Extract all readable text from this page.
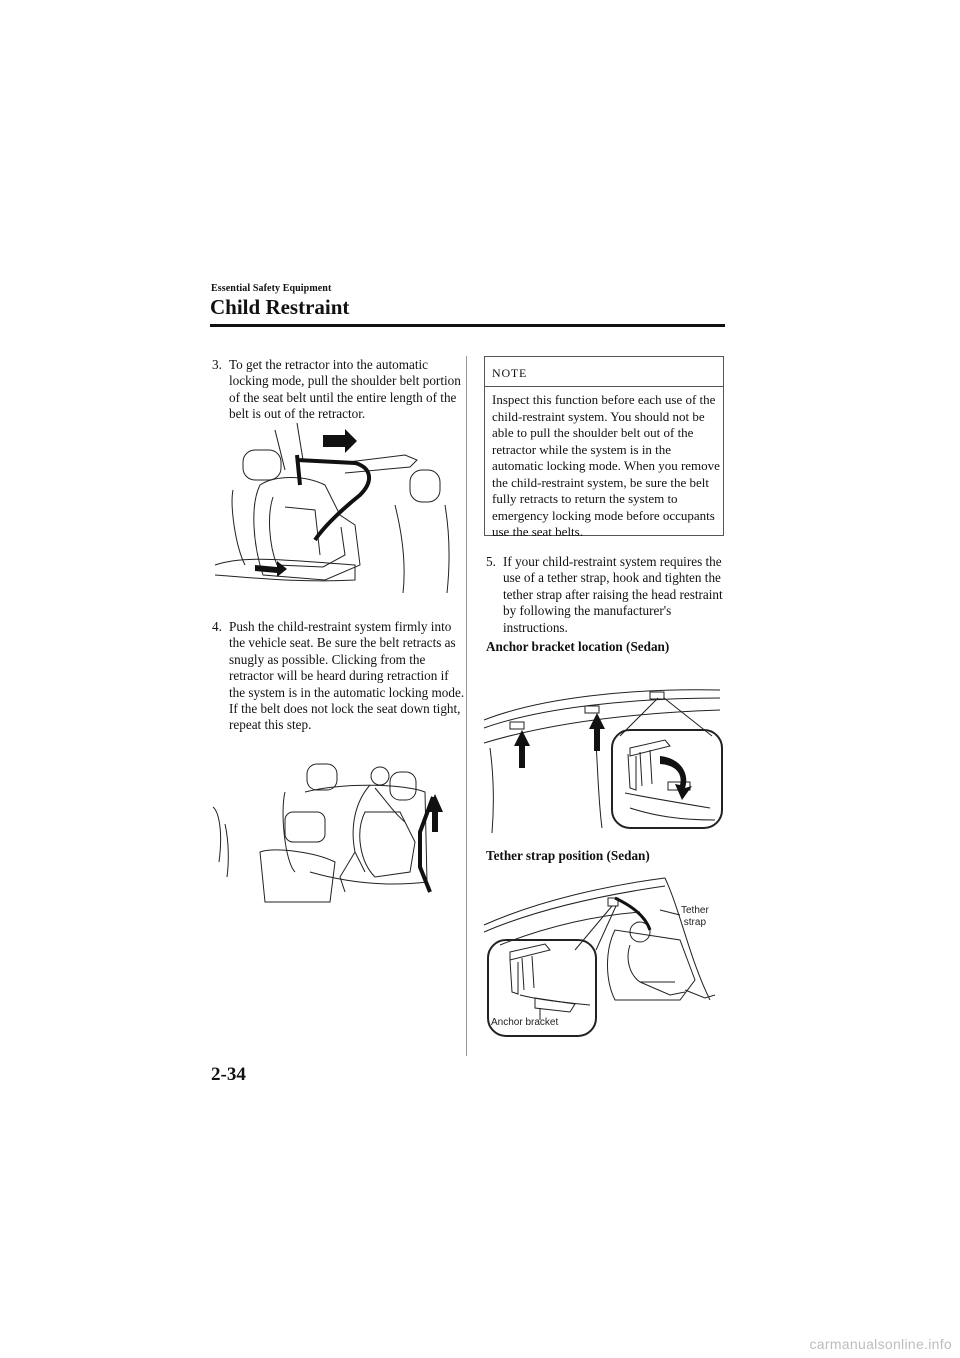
Essential Safety Equipment
Child Restraint
3. To get the retractor into the automatic locking mode, pull the shoulder belt portion of the seat belt until the entire length of the belt is out of the retractor.
4. Push the child-restraint system firmly into the vehicle seat. Be sure the belt retracts as snugly as possible. Clicking from the retractor will be heard during retraction if the system is in the automatic locking mode. If the belt does not lock the seat down tight, repeat this step.
NOTE

Inspect this function before each use of the child-restraint system. You should not be able to pull the shoulder belt out of the retractor while the system is in the automatic locking mode. When you remove the child-restraint system, be sure the belt fully retracts to return the system to emergency locking mode before occupants use the seat belts.

5. If your child-restraint system requires the use of a tether strap, hook and tighten the tether strap after raising the head restraint by following the manufacturer's instructions.
Anchor bracket location (Sedan)
Tether strap position (Sedan)
Tether
strap
Anchor bracket
2-34
carmanualsonline.info
